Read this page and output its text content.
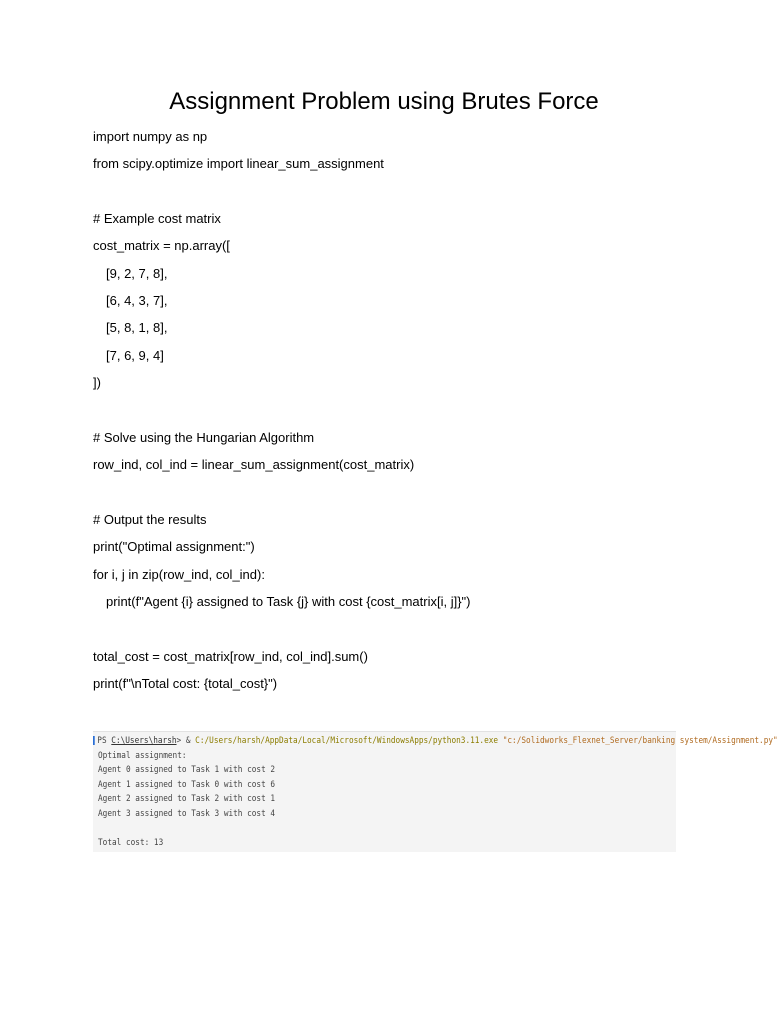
Assignment Problem using Brutes Force
import numpy as np
from scipy.optimize import linear_sum_assignment
# Example cost matrix
cost_matrix = np.array([
[9, 2, 7, 8],
[6, 4, 3, 7],
[5, 8, 1, 8],
[7, 6, 9, 4]
])
# Solve using the Hungarian Algorithm
row_ind, col_ind = linear_sum_assignment(cost_matrix)
# Output the results
print("Optimal assignment:")
for i, j in zip(row_ind, col_ind):
print(f"Agent {i} assigned to Task {j} with cost {cost_matrix[i, j]}")
total_cost = cost_matrix[row_ind, col_ind].sum()
print(f"\nTotal cost: {total_cost}")
PS C:\Users\harsh> & C:/Users/harsh/AppData/Local/Microsoft/WindowsApps/python3.11.exe "c:/Solidworks_Flexnet_Server/banking system/Assignment.py"
Optimal assignment:
Agent 0 assigned to Task 1 with cost 2
Agent 1 assigned to Task 0 with cost 6
Agent 2 assigned to Task 2 with cost 1
Agent 3 assigned to Task 3 with cost 4
Total cost: 13
